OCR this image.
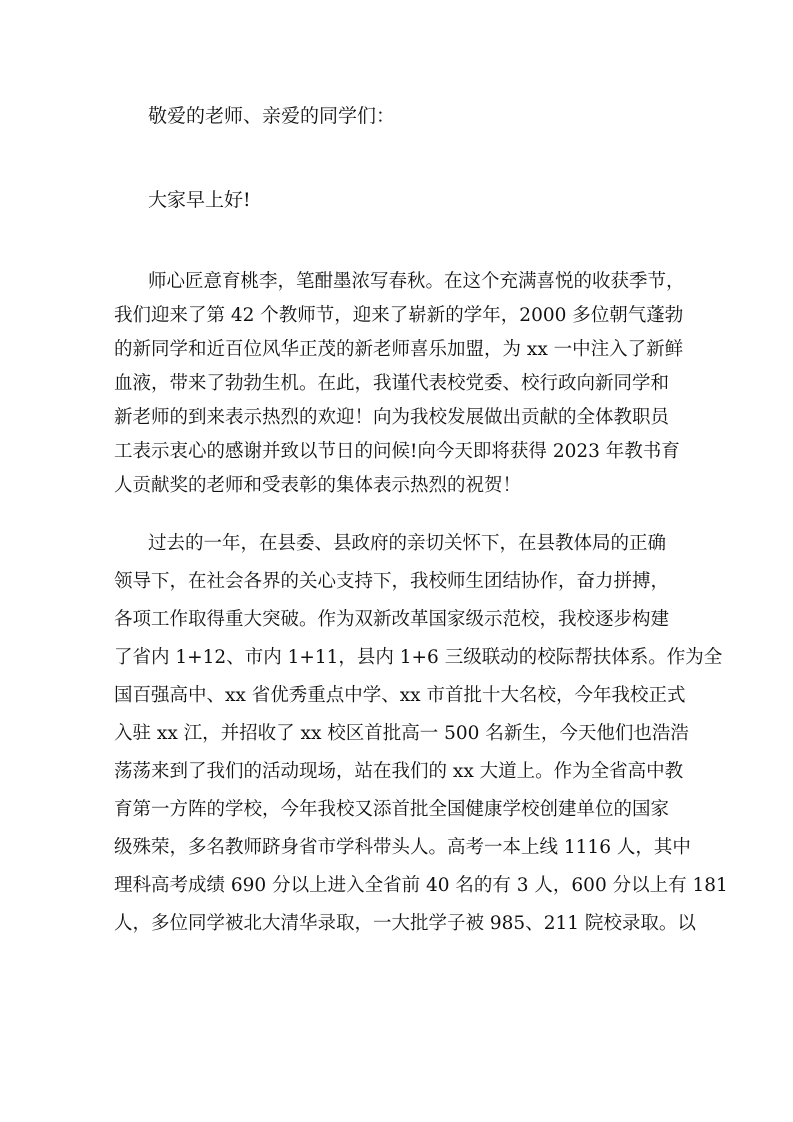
敬爱的老师、亲爱的同学们：

大家早上好!

师心匠意育桃李，笔酣墨浓写春秋。在这个充满喜悦的收获季节，
我们迎来了第 42 个教师节，迎来了崭新的学年，2000 多位朝气蓬勃
的新同学和近百位风华正茂的新老师喜乐加盟，为 xx 一中注入了新鲜
血液，带来了勃勃生机。在此，我谨代表校党委、校行政向新同学和
新老师的到来表示热烈的欢迎！向为我校发展做出贡献的全体教职员
工表示衷心的感谢并致以节日的问候!向今天即将获得 2023 年教书育
人贡献奖的老师和受表彰的集体表示热烈的祝贺！
过去的一年，在县委、县政府的亲切关怀下，在县教体局的正确
领导下，在社会各界的关心支持下，我校师生团结协作，奋力拼搏，
各项工作取得重大突破。作为双新改革国家级示范校，我校逐步构建
了省内 1+12、市内 1+11，县内 1+6 三级联动的校际帮扶体系。作为全
国百强高中、xx 省优秀重点中学、xx 市首批十大名校，今年我校正式
入驻 xx 江，并招收了 xx 校区首批高一 500 名新生，今天他们也浩浩
荡荡来到了我们的活动现场，站在我们的 xx 大道上。作为全省高中教
育第一方阵的学校，今年我校又添首批全国健康学校创建单位的国家
级殊荣，多名教师跻身省市学科带头人。高考一本上线 1116 人，其中
理科高考成绩 690 分以上进入全省前 40 名的有 3 人，600 分以上有 181
人，多位同学被北大清华录取，一大批学子被 985、211 院校录取。以
